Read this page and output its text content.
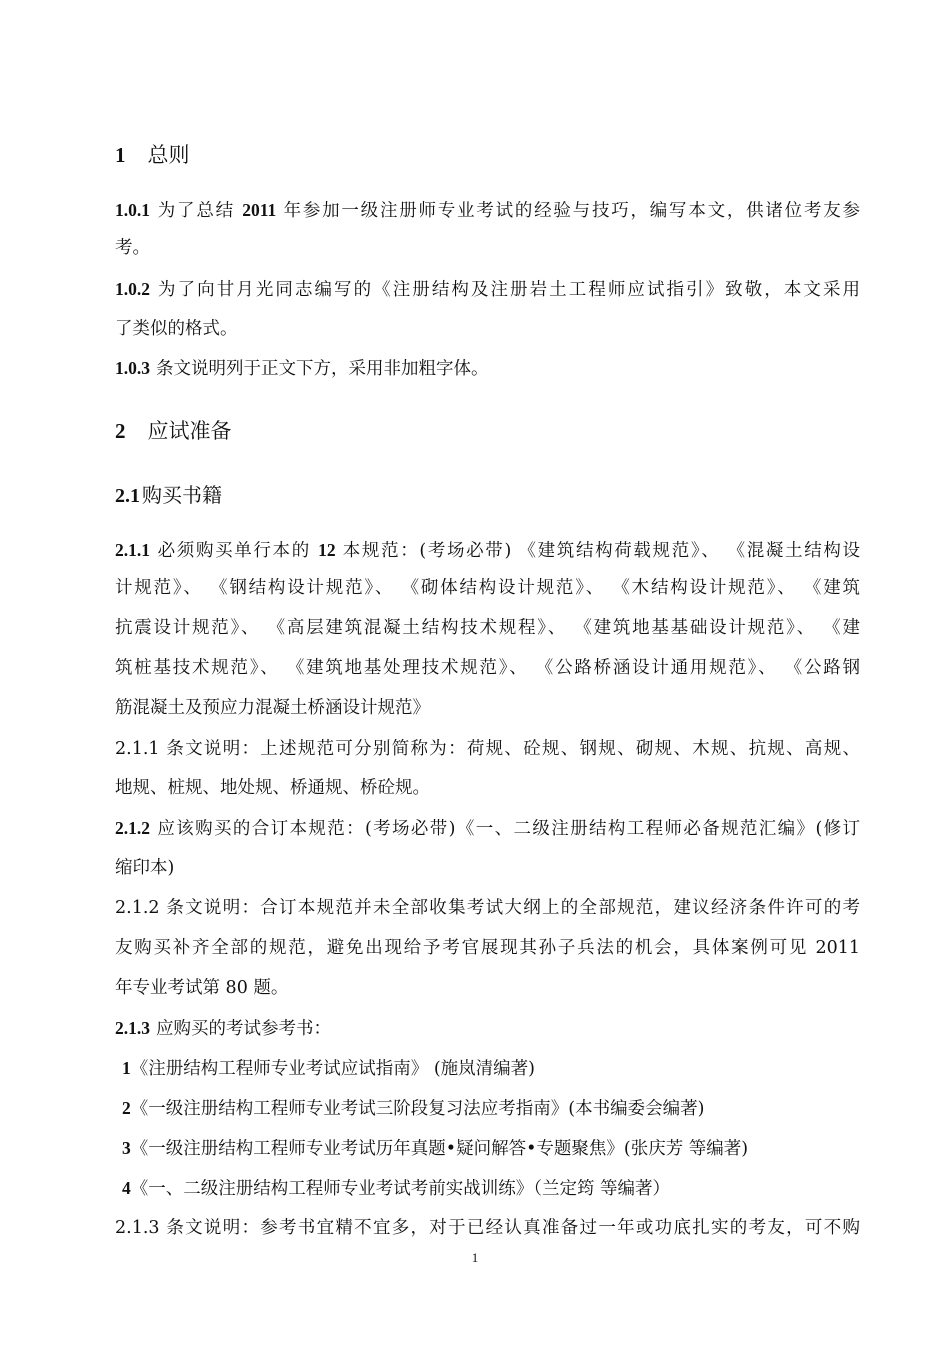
1 总则
1.0.1 为了总结 2011 年参加一级注册师专业考试的经验与技巧，编写本文，供诸位考友参
考。
1.0.2 为了向甘月光同志编写的《注册结构及注册岩土工程师应试指引》致敬，本文采用
了类似的格式。
1.0.3 条文说明列于正文下方，采用非加粗字体。
2 应试准备
2.1 购买书籍
2.1.1 必须购买单行本的 12 本规范：(考场必带) 《建筑结构荷载规范》、 《混凝土结构设
计规范》、 《钢结构设计规范》、 《砌体结构设计规范》、 《木结构设计规范》、 《建筑
抗震设计规范》、 《高层建筑混凝土结构技术规程》、 《建筑地基基础设计规范》、 《建
筑桩基技术规范》、 《建筑地基处理技术规范》、 《公路桥涵设计通用规范》、 《公路钢
筋混凝土及预应力混凝土桥涵设计规范》
2.1.1 条文说明：上述规范可分别简称为：荷规、砼规、钢规、砌规、木规、抗规、高规、
地规、桩规、地处规、桥通规、桥砼规。
2.1.2 应该购买的合订本规范：(考场必带)《一、二级注册结构工程师必备规范汇编》(修订
缩印本)
2.1.2 条文说明：合订本规范并未全部收集考试大纲上的全部规范，建议经济条件许可的考
友购买补齐全部的规范，避免出现给予考官展现其孙子兵法的机会，具体案例可见 2011
年专业考试第 80 题。
2.1.3 应购买的考试参考书：
1《注册结构工程师专业考试应试指南》 (施岚清编著)
2《一级注册结构工程师专业考试三阶段复习法应考指南》(本书编委会编著)
3《一级注册结构工程师专业考试历年真题•疑问解答•专题聚焦》(张庆芳 等编著)
4《一、二级注册结构工程师专业考试考前实战训练》（兰定筠 等编著）
2.1.3 条文说明：参考书宜精不宜多，对于已经认真准备过一年或功底扎实的考友，可不购
1
